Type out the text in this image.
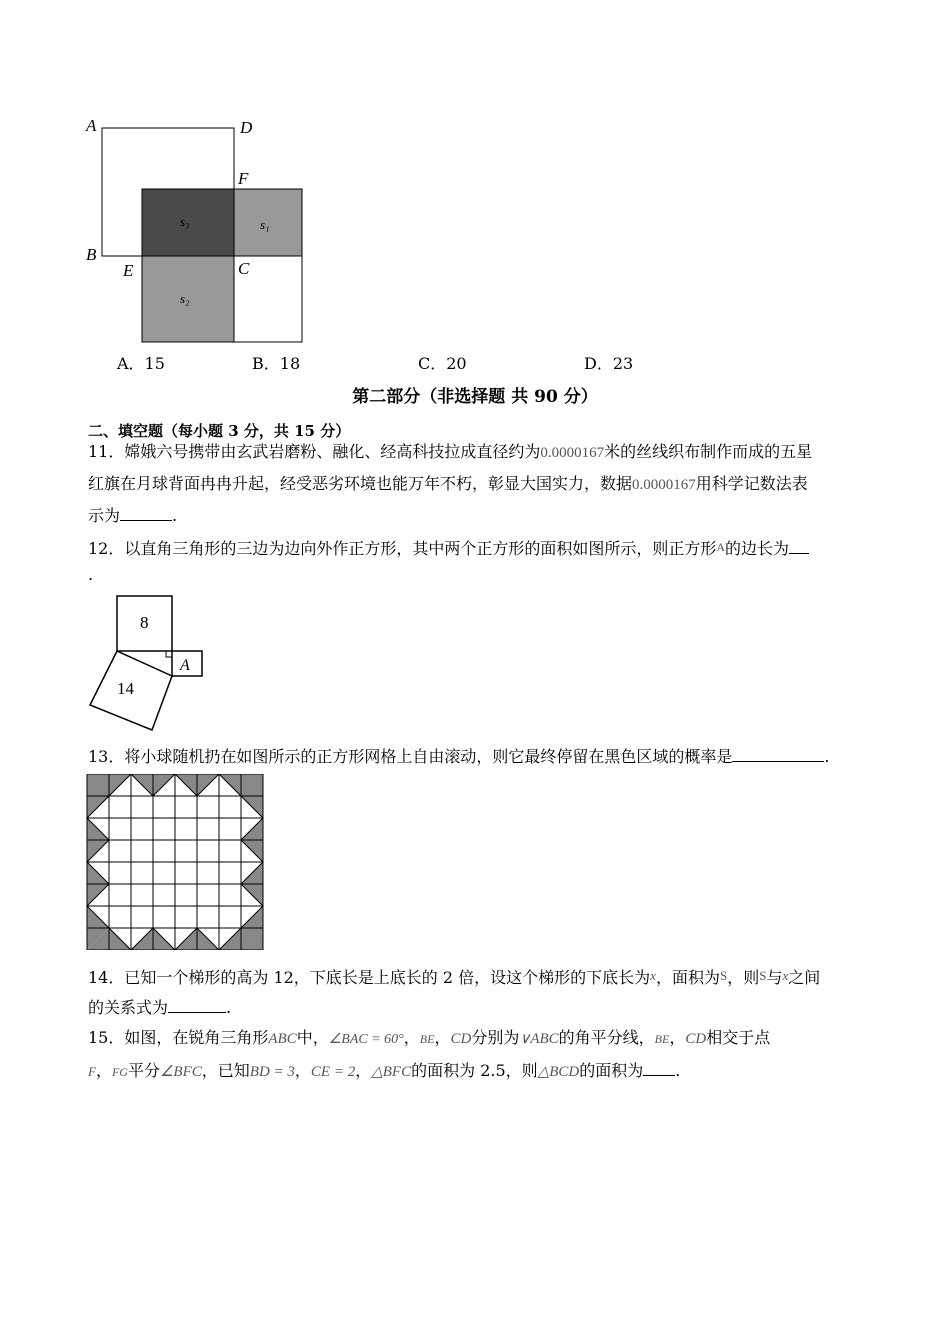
A	D
F
B
E	C
s₃	s₁
s₂
A．15	B．18	C．20	D．23
第二部分（非选择题 共 90 分）
二、填空题（每小题 3 分，共 15 分）
11．嫦娥六号携带由玄武岩磨粉、融化、经高科技拉成直径约为0.0000167米的丝线织布制作而成的五星
红旗在月球背面冉冉升起，经受恶劣环境也能万年不朽，彰显大国实力，数据0.0000167用科学记数法表
示为	.
12．以直角三角形的三边为边向外作正方形，其中两个正方形的面积如图所示，则正方形A的边长为
.
8
A
14
13．将小球随机扔在如图所示的正方形网格上自由滚动，则它最终停留在黑色区域的概率是	.
14．已知一个梯形的高为 12，下底长是上底长的 2 倍，设这个梯形的下底长为x，面积为S，则S与x之间
的关系式为	.
15．如图，在锐角三角形ABC中，∠BAC = 60°，BE，CD分别为∨ABC的角平分线，BE，CD相交于点
F，FG平分∠BFC，已知BD = 3，CE = 2，△BFC的面积为 2.5，则△BCD的面积为 .
